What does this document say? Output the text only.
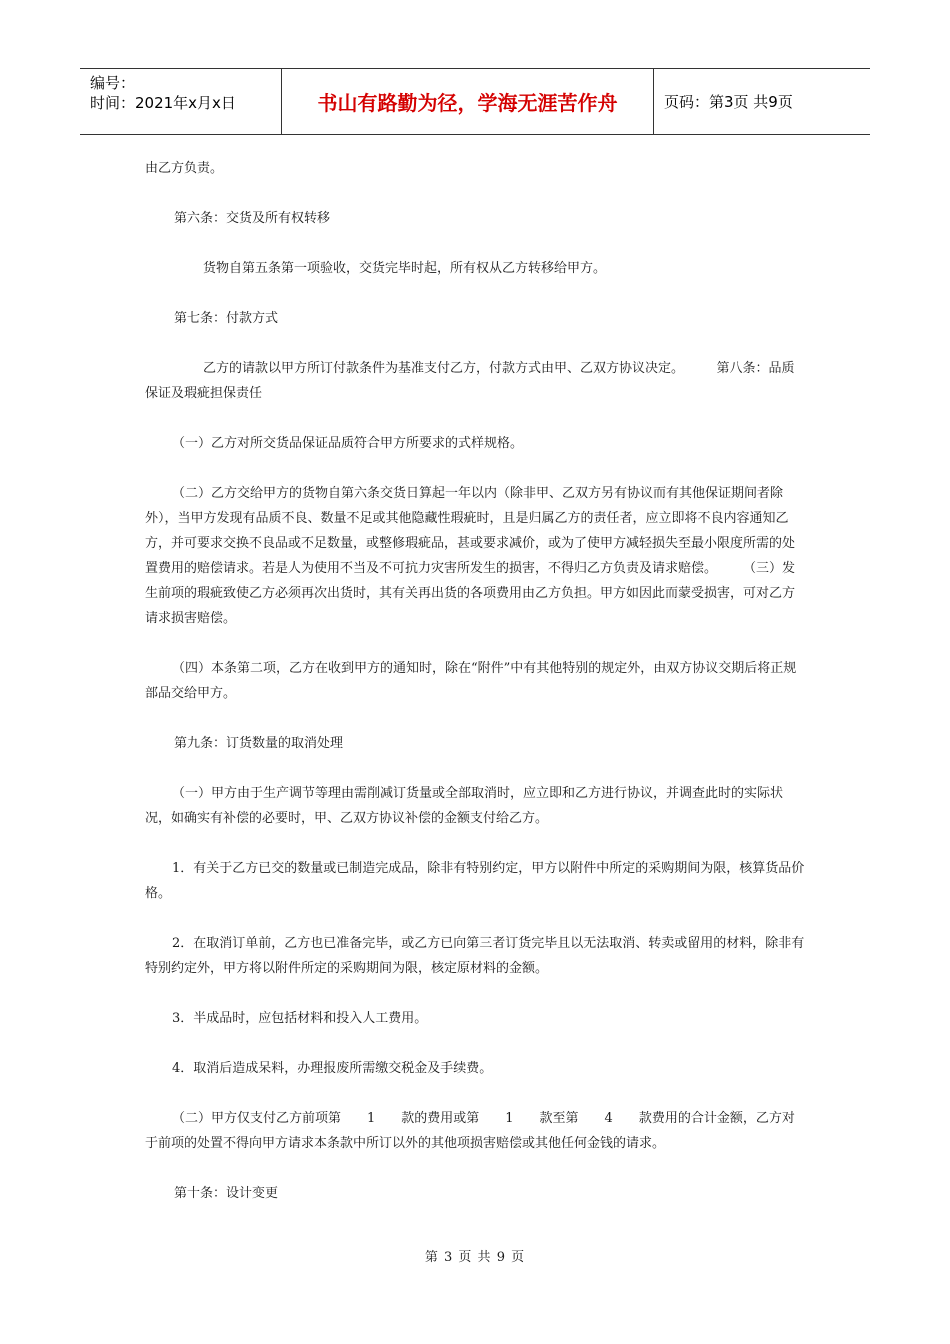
编号：
时间：2021年x月x日	书山有路勤为径，学海无涯苦作舟	页码：第3页 共9页

由乙方负责。

第六条：交货及所有权转移

货物自第五条第一项验收，交货完毕时起，所有权从乙方转移给甲方。

第七条：付款方式

乙方的请款以甲方所订付款条件为基准支付乙方，付款方式由甲、乙双方协议决定。　　　第八条：品质保证及瑕疵担保责任

（一）乙方对所交货品保证品质符合甲方所要求的式样规格。

（二）乙方交给甲方的货物自第六条交货日算起一年以内（除非甲、乙双方另有协议而有其他保证期间者除外），当甲方发现有品质不良、数量不足或其他隐藏性瑕疵时，且是归属乙方的责任者，应立即将不良内容通知乙方，并可要求交换不良品或不足数量，或整修瑕疵品，甚或要求减价，或为了使甲方减轻损失至最小限度所需的处置费用的赔偿请求。若是人为使用不当及不可抗力灾害所发生的损害，不得归乙方负责及请求赔偿。　　　（三）发生前项的瑕疵致使乙方必须再次出货时，其有关再出货的各项费用由乙方负担。甲方如因此而蒙受损害，可对乙方请求损害赔偿。

（四）本条第二项，乙方在收到甲方的通知时，除在“附件”中有其他特别的规定外，由双方协议交期后将正规部品交给甲方。

第九条：订货数量的取消处理

（一）甲方由于生产调节等理由需削减订货量或全部取消时，应立即和乙方进行协议，并调查此时的实际状况，如确实有补偿的必要时，甲、乙双方协议补偿的金额支付给乙方。

1．有关于乙方已交的数量或已制造完成品，除非有特别约定，甲方以附件中所定的采购期间为限，核算货品价格。

2．在取消订单前，乙方也已准备完毕，或乙方已向第三者订货完毕且以无法取消、转卖或留用的材料，除非有特别约定外，甲方将以附件所定的采购期间为限，核定原材料的金额。

3．半成品时，应包括材料和投入人工费用。

4．取消后造成呆料，办理报废所需缴交税金及手续费。

（二）甲方仅支付乙方前项第　　1　　款的费用或第　　1　　款至第　　4　　款费用的合计金额，乙方对于前项的处置不得向甲方请求本条款中所订以外的其他项损害赔偿或其他任何金钱的请求。

第十条：设计变更

第 3 页 共 9 页
